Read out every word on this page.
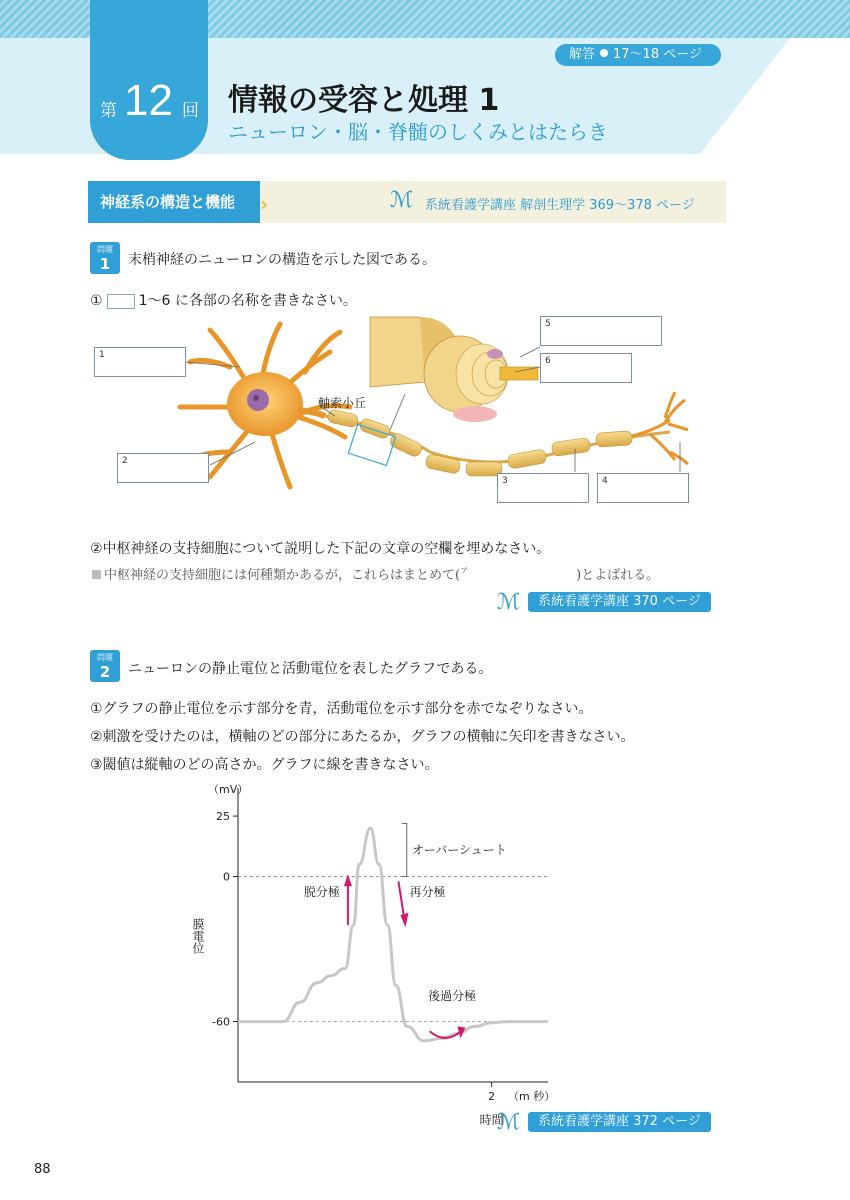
第 12 回
解答 17～18 ページ
情報の受容と処理 1
ニューロン・脳・脊髄のしくみとはたらき
神経系の構造と機能	›	ℳ 系統看護学講座 解剖生理学 369～378 ページ
問題
1	末梢神経のニューロンの構造を示した図である。
①	1～6 に各部の名称を書きなさい。
1
2
3	4
5
6
軸索小丘
②中枢神経の支持細胞について説明した下記の文章の空欄を埋めなさい。
中枢神経の支持細胞には何種類かあるが，これらはまとめて($^ア$	)とよばれる。
ℳ	系統看護学講座 370 ページ
問題
2	ニューロンの静止電位と活動電位を表したグラフである。
①グラフの静止電位を示す部分を青，活動電位を示す部分を赤でなぞりなさい。
②刺激を受けたのは，横軸のどの部分にあたるか，グラフの横軸に矢印を書きなさい。
③閾値は縦軸のどの高さか。グラフに線を書きなさい。
25
0
-60
2
（mV）
膜電位
（m 秒）
時間
オーバーシュート
脱分極	再分極
後過分極
ℳ	系統看護学講座 372 ページ
88
